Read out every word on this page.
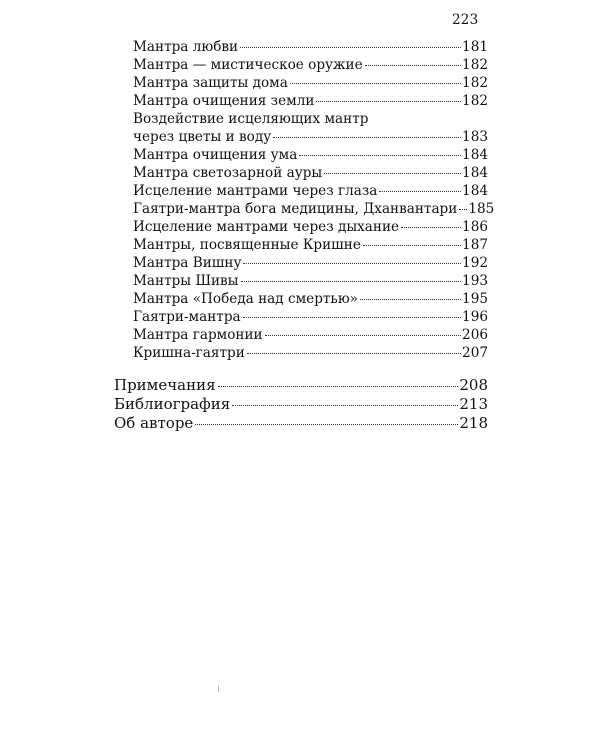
223
Мантра любви	181
Мантра — мистическое оружие	182
Мантра защиты дома	182
Мантра очищения земли	182
Воздействие исцеляющих мантр
через цветы и воду	183
Мантра очищения ума	184
Мантра светозарной ауры	184
Исцеление мантрами через глаза	184
Гаятри-мантра бога медицины, Дханвантари 185
Исцеление мантрами через дыхание	186
Мантры, посвященные Кришне	187
Мантра Вишну	192
Мантры Шивы	193
Мантра «Победа над смертью»	195
Гаятри-мантра	196
Мантра гармонии	206
Кришна-гаятри	207
Примечания	208
Библиография	213
Об авторе	218
